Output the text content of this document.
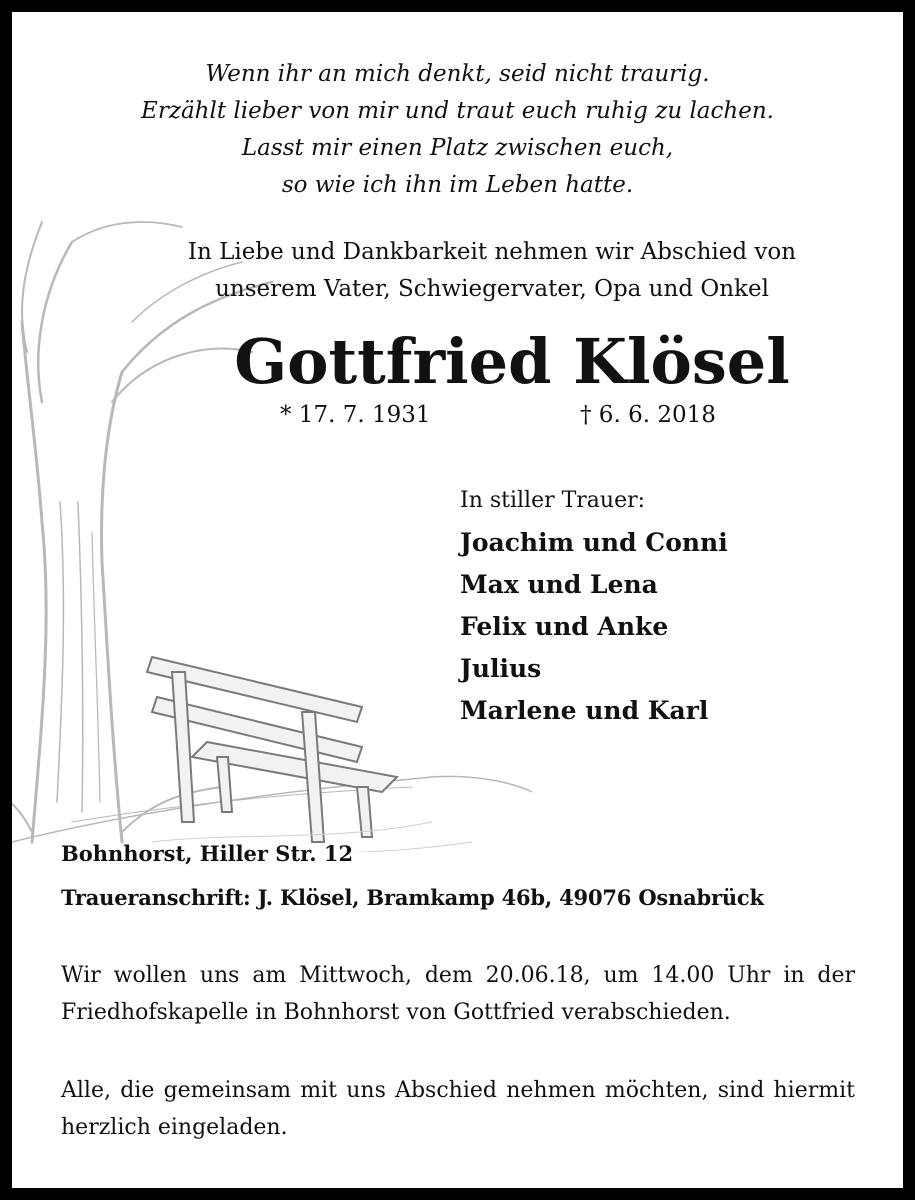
Wenn ihr an mich denkt, seid nicht traurig.
Erzählt lieber von mir und traut euch ruhig zu lachen.
Lasst mir einen Platz zwischen euch,
so wie ich ihn im Leben hatte.
In Liebe und Dankbarkeit nehmen wir Abschied von
unserem Vater, Schwiegervater, Opa und Onkel
Gottfried Klösel
* 17. 7. 1931	† 6. 6. 2018
In stiller Trauer:
Joachim und Conni
Max und Lena
Felix und Anke
Julius
Marlene und Karl
Bohnhorst, Hiller Str. 12
Traueranschrift: J. Klösel, Bramkamp 46b, 49076 Osnabrück
Wir wollen uns am Mittwoch, dem 20.06.18, um 14.00 Uhr in der Friedhofskapelle in Bohnhorst von Gottfried verabschieden.
Alle, die gemeinsam mit uns Abschied nehmen möchten, sind hiermit herzlich eingeladen.
